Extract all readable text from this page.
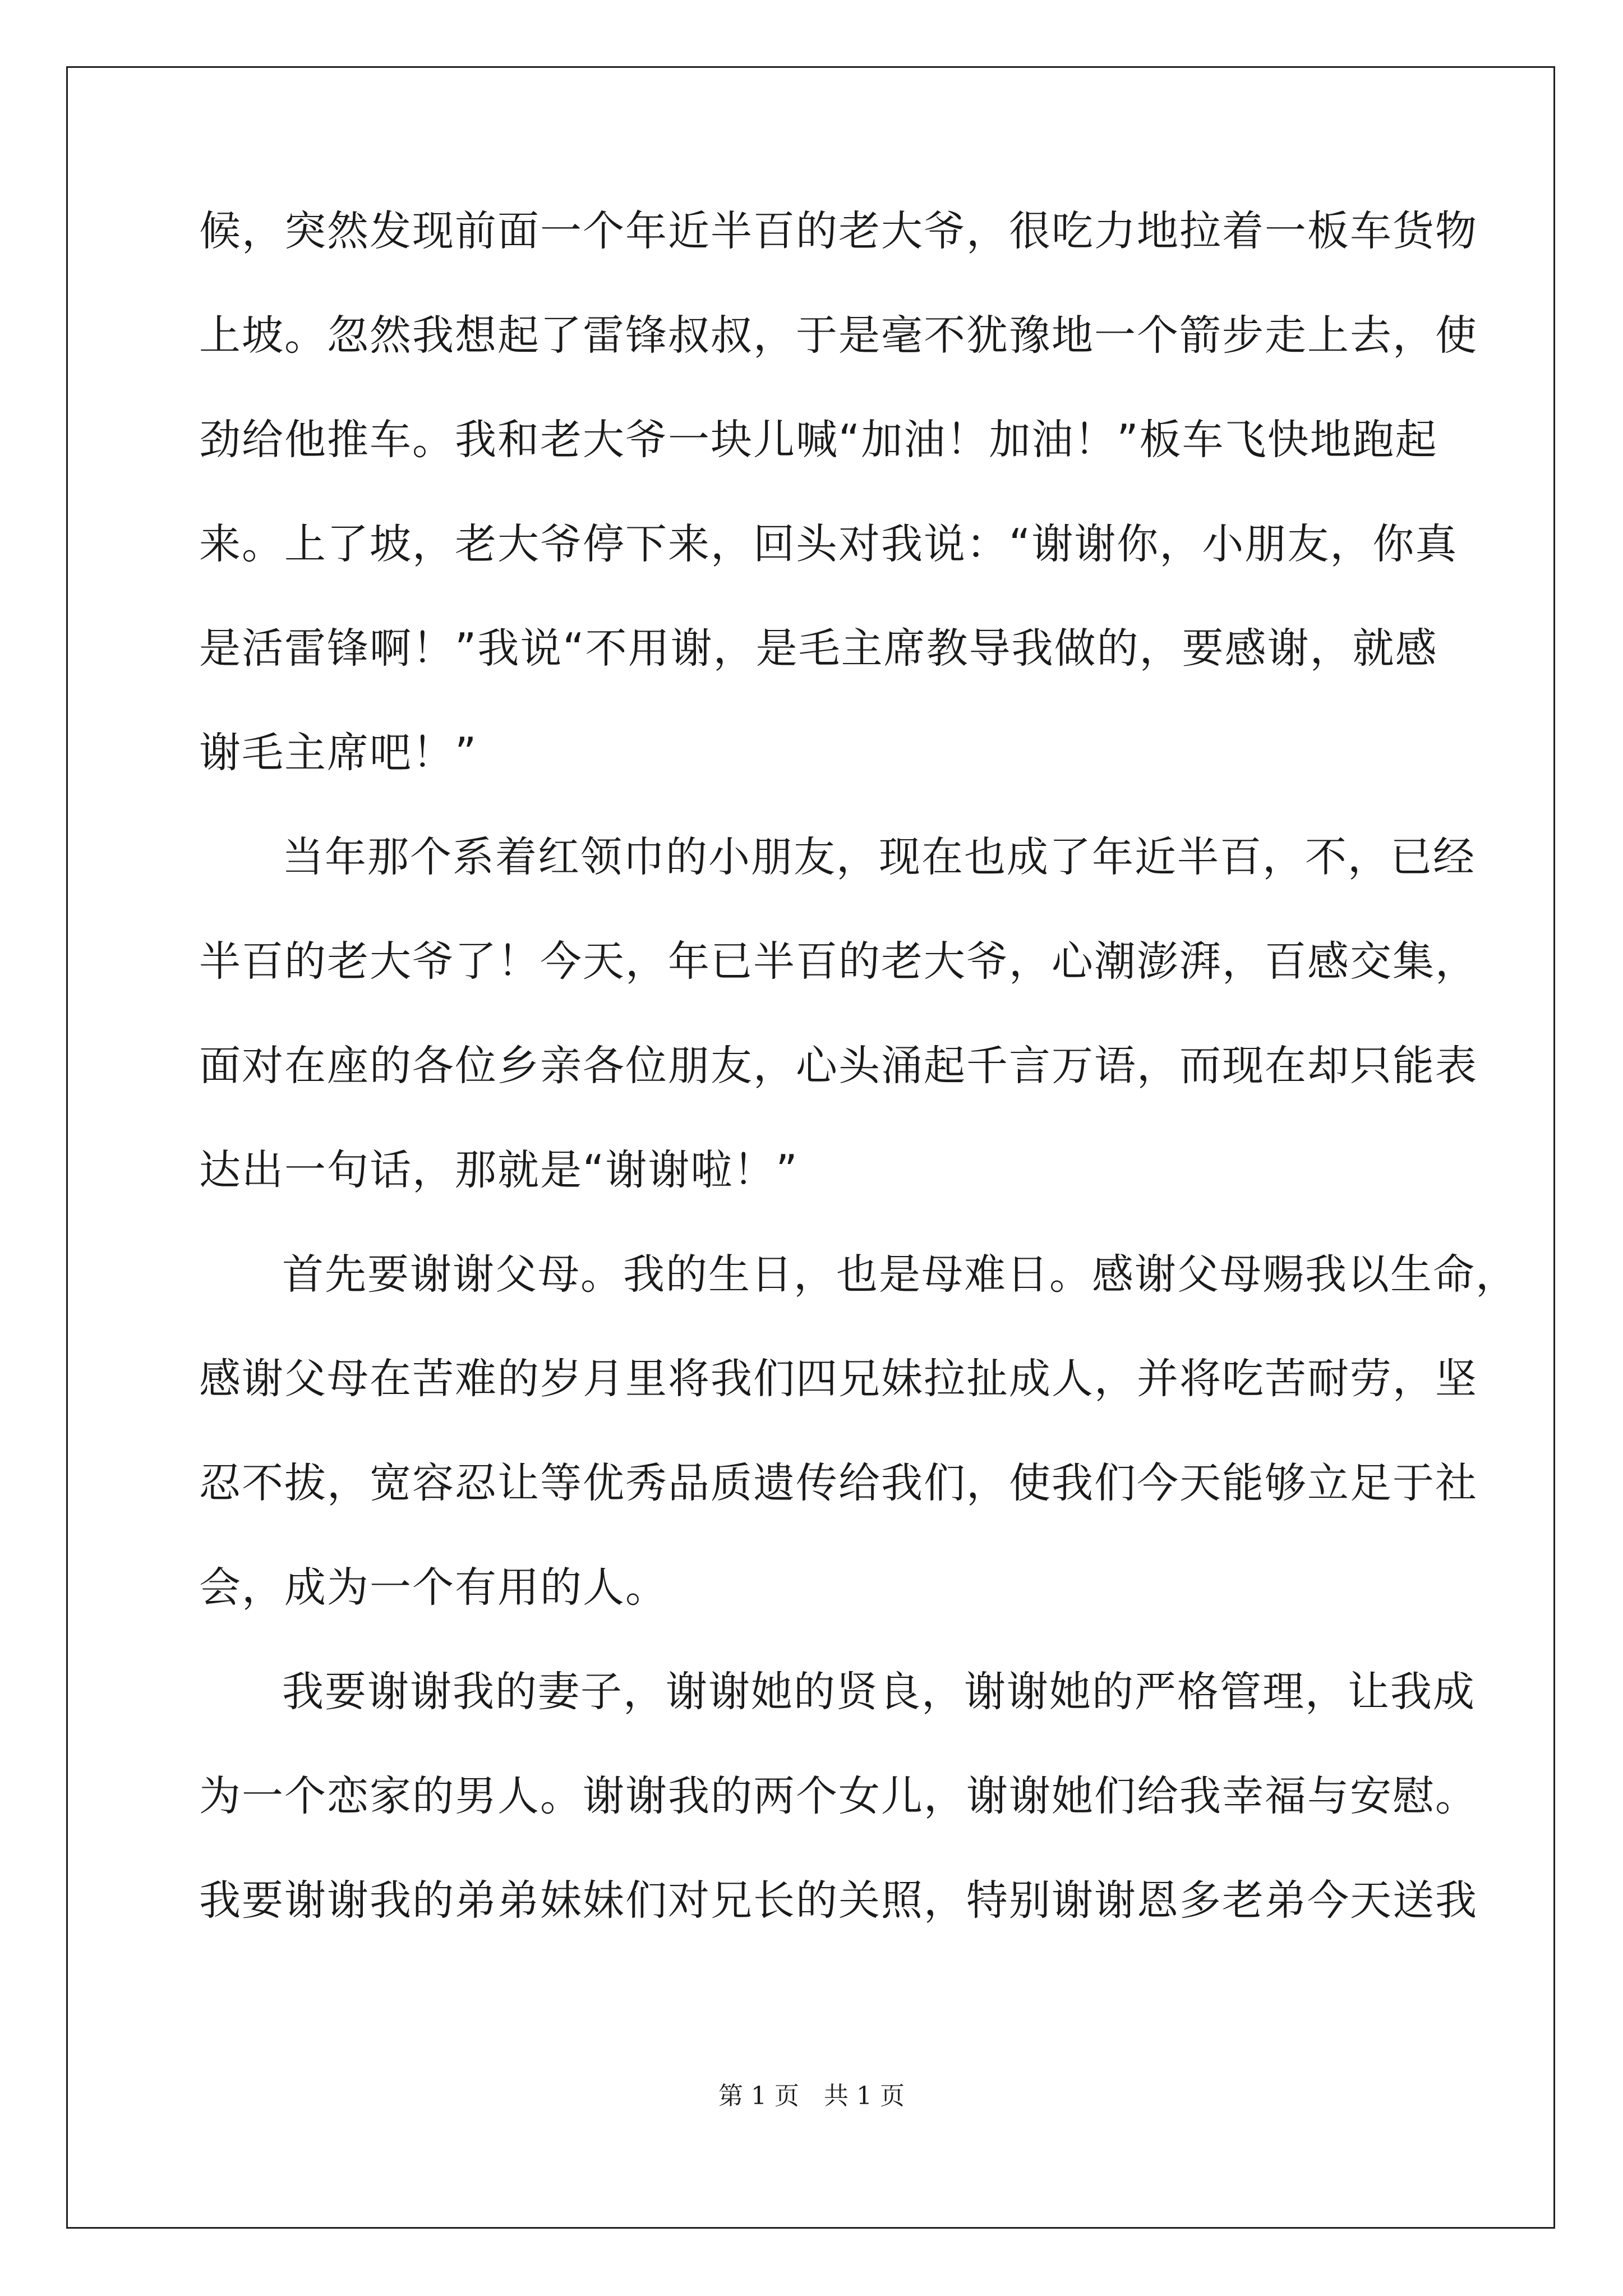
候，突然发现前面一个年近半百的老大爷，很吃力地拉着一板车货物
上坡。忽然我想起了雷锋叔叔，于是毫不犹豫地一个箭步走上去，使
劲给他推车。我和老大爷一块儿喊“加油！加油！”板车飞快地跑起
来。上了坡，老大爷停下来，回头对我说：“谢谢你，小朋友，你真
是活雷锋啊！”我说“不用谢，是毛主席教导我做的，要感谢，就感
谢毛主席吧！”
当年那个系着红领巾的小朋友，现在也成了年近半百，不，已经
半百的老大爷了！今天，年已半百的老大爷，心潮澎湃，百感交集，
面对在座的各位乡亲各位朋友，心头涌起千言万语，而现在却只能表
达出一句话，那就是“谢谢啦！”
首先要谢谢父母。我的生日，也是母难日。感谢父母赐我以生命，
感谢父母在苦难的岁月里将我们四兄妹拉扯成人，并将吃苦耐劳，坚
忍不拔，宽容忍让等优秀品质遗传给我们，使我们今天能够立足于社
会，成为一个有用的人。
我要谢谢我的妻子，谢谢她的贤良，谢谢她的严格管理，让我成
为一个恋家的男人。谢谢我的两个女儿，谢谢她们给我幸福与安慰。
我要谢谢我的弟弟妹妹们对兄长的关照，特别谢谢恩多老弟今天送我
第 1 页　共 1 页
